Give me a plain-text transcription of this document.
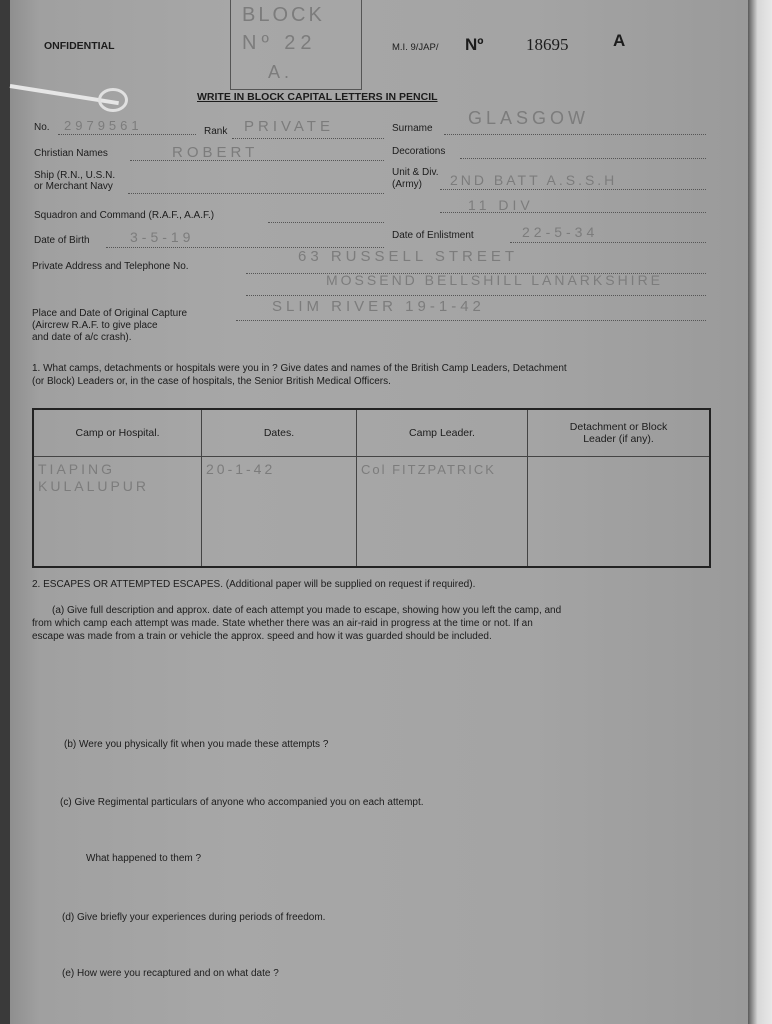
ONFIDENTIAL
BLOCK
Nº 22
A.
M.I. 9/JAP/ Nº	18695	A
WRITE IN BLOCK CAPITAL LETTERS IN PENCIL
No. 2979561	Rank PRIVATE	Surname
GLASGOW
Christian Names	ROBERT	Decorations
Ship (R.N., U.S.N.
or Merchant Navy
Unit & Div.
(Army) 2ND BATT A.S.S.H
11 DIV
Squadron and Command (R.A.F., A.A.F.)
Date of Birth	3-5-19	Date of Enlistment	22-5-34
Private Address and Telephone No.
63 RUSSELL STREET
MOSSEND BELLSHILL LANARKSHIRE
Place and Date of Original Capture
(Aircrew R.A.F. to give place
and date of a/c crash).
SLIM RIVER 19-1-42
1. What camps, detachments or hospitals were you in ? Give dates and names of the British Camp Leaders, Detachment
(or Block) Leaders or, in the case of hospitals, the Senior British Medical Officers.
Camp or Hospital.	Dates.	Camp Leader.	Detachment or Block Leader (if any).

TIAPING
KULALUPUR	20-1-42	Col FITZPATRICK	

2. ESCAPES OR ATTEMPTED ESCAPES. (Additional paper will be supplied on request if required).
(a) Give full description and approx. date of each attempt you made to escape, showing how you left the camp, and
from which camp each attempt was made. State whether there was an air-raid in progress at the time or not. If an
escape was made from a train or vehicle the approx. speed and how it was guarded should be included.
(b) Were you physically fit when you made these attempts ?
(c) Give Regimental particulars of anyone who accompanied you on each attempt.
What happened to them ?
(d) Give briefly your experiences during periods of freedom.
(e) How were you recaptured and on what date ?
